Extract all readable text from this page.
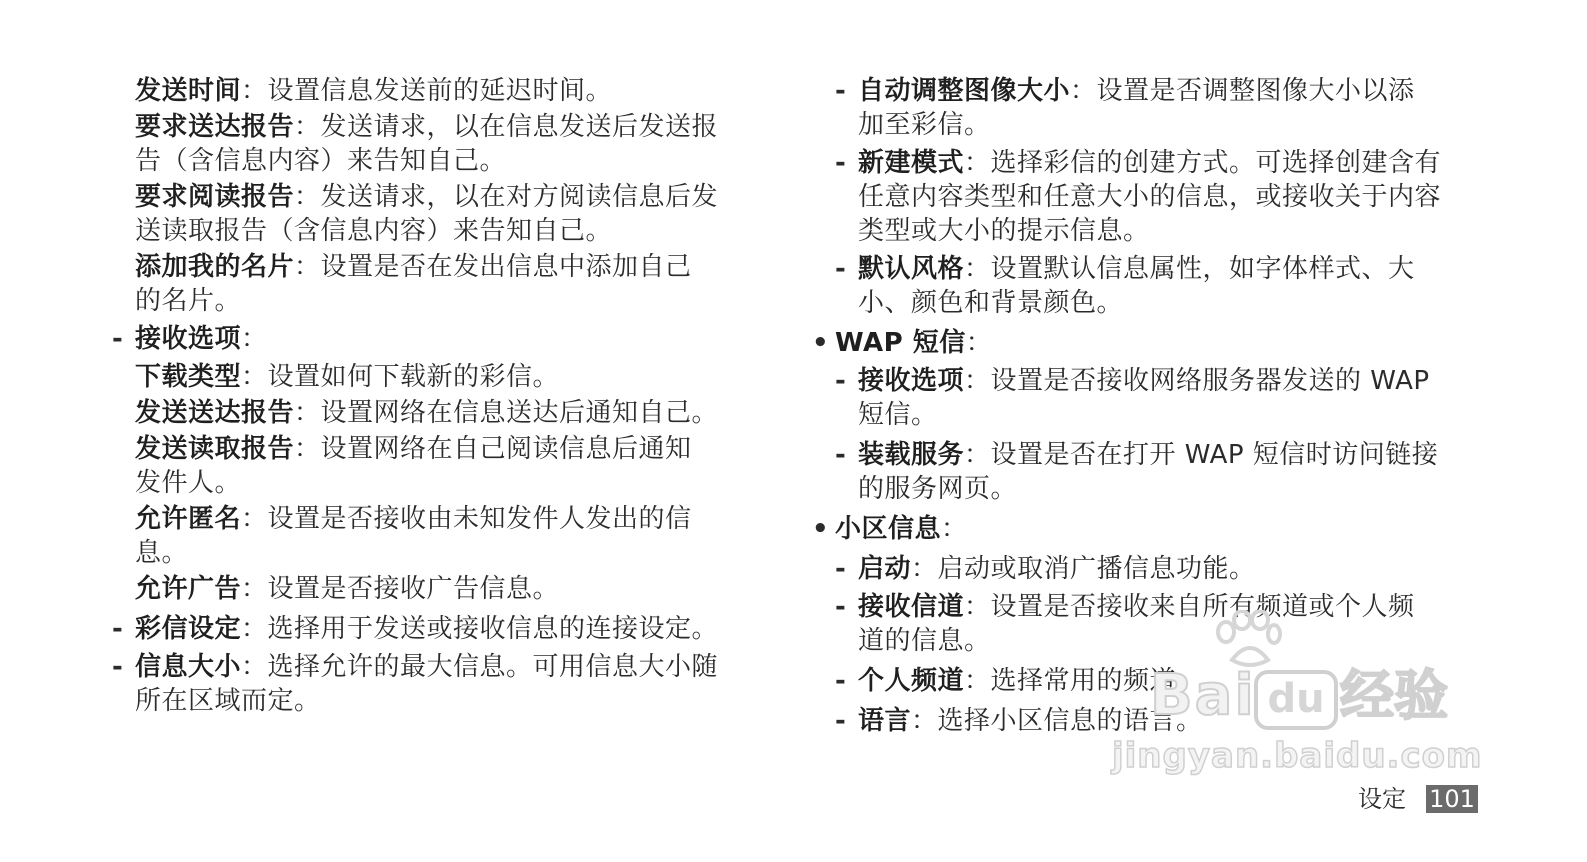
发送时间：设置信息发送前的延迟时间。
要求送达报告：发送请求，以在信息发送后发送报
告（含信息内容）来告知自己。
要求阅读报告：发送请求，以在对方阅读信息后发
送读取报告（含信息内容）来告知自己。
添加我的名片：设置是否在发出信息中添加自己
的名片。
- 接收选项：
下载类型：设置如何下载新的彩信。
发送送达报告：设置网络在信息送达后通知自己。
发送读取报告：设置网络在自己阅读信息后通知
发件人。
允许匿名：设置是否接收由未知发件人发出的信
息。
允许广告：设置是否接收广告信息。
- 彩信设定：选择用于发送或接收信息的连接设定。
- 信息大小：选择允许的最大信息。可用信息大小随
所在区域而定。
- 自动调整图像大小：设置是否调整图像大小以添
加至彩信。
- 新建模式：选择彩信的创建方式。可选择创建含有
任意内容类型和任意大小的信息，或接收关于内容
类型或大小的提示信息。
- 默认风格：设置默认信息属性，如字体样式、大
小、颜色和背景颜色。
• WAP 短信：
- 接收选项：设置是否接收网络服务器发送的 WAP
短信。
- 装载服务：设置是否在打开 WAP 短信时访问链接
的服务网页。
• 小区信息：
- 启动：启动或取消广播信息功能。
- 接收信道：设置是否接收来自所有频道或个人频
道的信息。
- 个人频道：选择常用的频道。
- 语言：选择小区信息的语言。
Bai du 经验
jingyan.baidu.com
设定 101
